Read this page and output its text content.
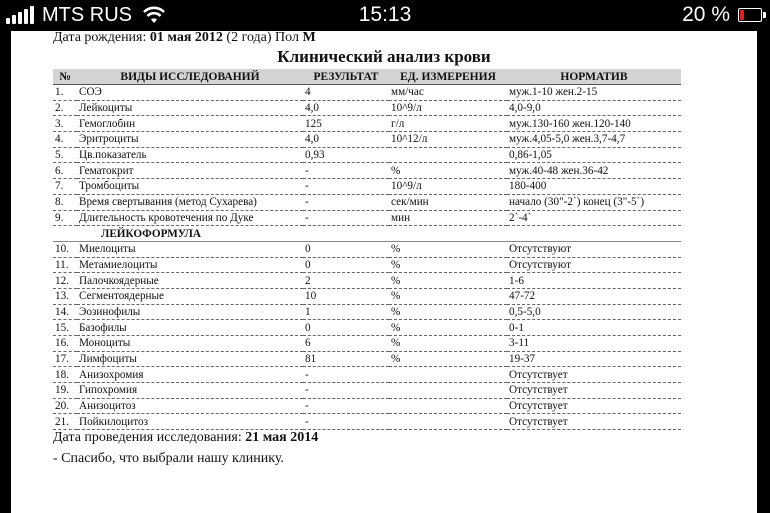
MTS RUS	15:13	20 %
Дата рождения: 01 мая 2012 (2 года) Пол М
Клинический анализ крови
№	ВИДЫ ИССЛЕДОВАНИЙ	РЕЗУЛЬТАТ	ЕД. ИЗМЕРЕНИЯ	НОРМАТИВ
1.	СОЭ	4	мм/час	муж.1-10 жен.2-15
2.	Лейкоциты	4,0	10^9/л	4,0-9,0
3.	Гемоглобин	125	г/л	муж.130-160 жен.120-140
4.	Эритроциты	4,0	10^12/л	муж.4,05-5,0 жен.3,7-4,7
5.	Цв.показатель	0,93		0,86-1,05
6.	Гематокрит	-	%	муж.40-48 жен.36-42
7.	Тромбоциты	-	10^9/л	180-400
8.	Время свертывания (метод Сухарева)	-	сек/мин	начало (30"-2`) конец (3"-5`)
9.	Длительность кровотечения по Дуке	-	мин	2`-4`
	ЛЕЙКОФОРМУЛА			
10.	Миелоциты	0	%	Отсутствуют
11.	Метамиелоциты	0	%	Отсутствуют
12.	Палочкоядерные	2	%	1-6
13.	Сегментоядерные	10	%	47-72
14.	Эозинофилы	1	%	0,5-5,0
15.	Базофилы	0	%	0-1
16.	Моноциты	6	%	3-11
17.	Лимфоциты	81	%	19-37
18.	Анизохромия	-		Отсутствует
19.	Гипохромия	-		Отсутствует
20.	Анизоцитоз	-		Отсутствует
21.	Пойкилоцитоз	-		Отсутствует
Дата проведения исследования: 21 мая 2014
- Спасибо, что выбрали нашу клинику.
